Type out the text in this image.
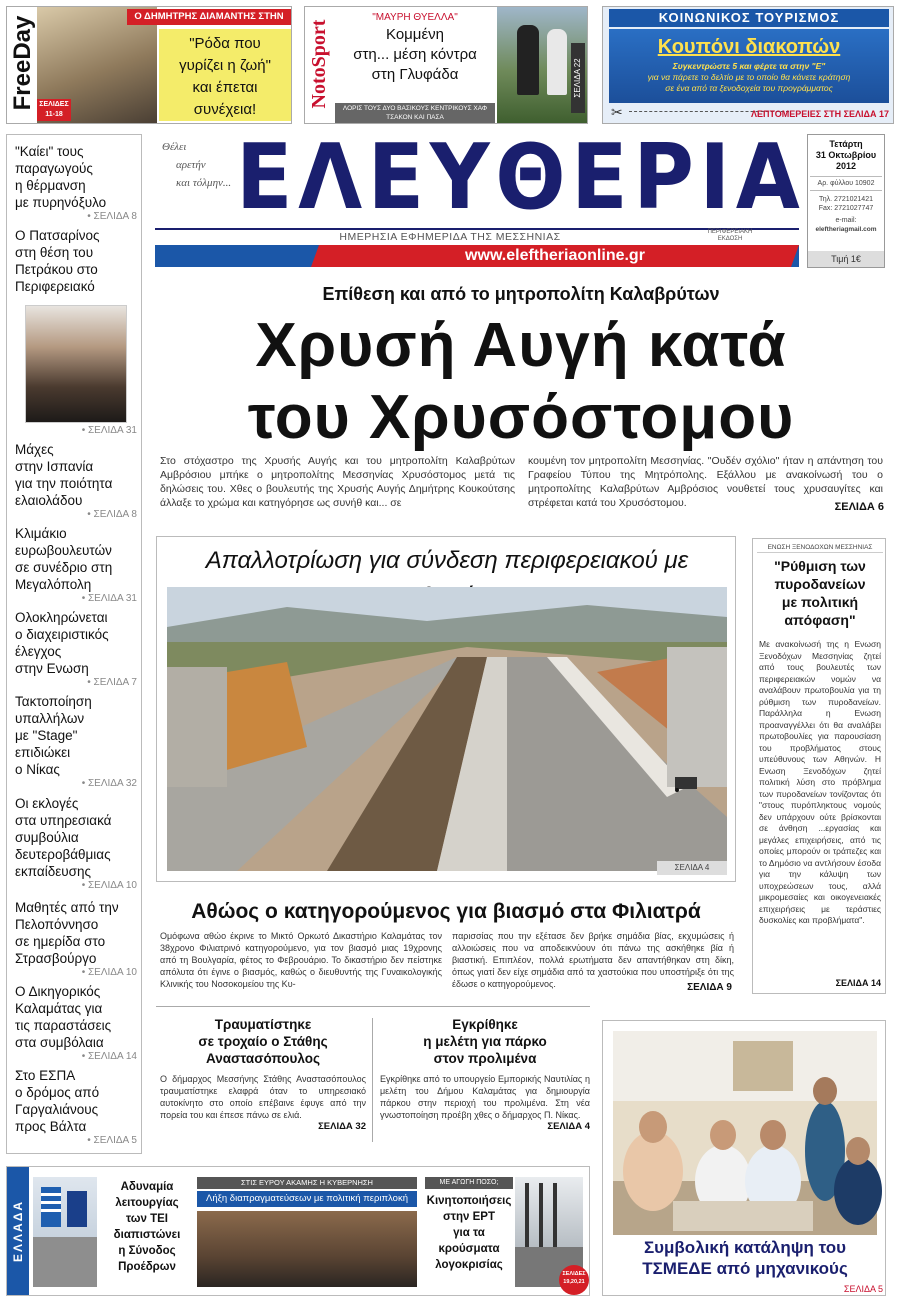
FreeDay ΣΕΛΙΔΕΣ 11-18
Ο ΔΗΜΗΤΡΗΣ ΔΙΑΜΑΝΤΗΣ ΣΤΗΝ
"Ρόδα που
γυρίζει η ζωή"
και έπεται
συνέχεια!
NotoSport
"ΜΑΥΡΗ ΘΥΕΛΛΑ"
Κομμένη
στη... μέση κόντρα
στη Γλυφάδα
ΛΟΡΙΣ ΤΟΥΣ ΔΥΟ ΒΑΣΙΚΟΥΣ ΚΕΝΤΡΙΚΟΥΣ ΧΑΦ ΤΣΑΚΟΝ ΚΑΙ ΠΑΣΑ
ΣΕΛΙΔΑ 22
ΚΟΙΝΩΝΙΚΟΣ ΤΟΥΡΙΣΜΟΣ
Κουπόνι διακοπών
Συγκεντρώστε 5 και φέρτε τα στην "Ε"
για να πάρετε το δελτίο με το οποίο θα κάνετε κράτηση
σε ένα από τα ξενοδοχεία του προγράμματος
✂	ΛΕΠΤΟΜΕΡΕΙΕΣ ΣΤΗ ΣΕΛΙΔΑ 17
Θέλει
αρετήν
και τόλμην... ΕΛΕΥΘΕΡΙΑ
ΗΜΕΡΗΣΙΑ ΕΦΗΜΕΡΙΔΑ ΤΗΣ ΜΕΣΣΗΝΙΑΣ	ΠΕΡΙΦΕΡΕΙΑΚΗ ΕΚΔΟΣΗ
www.eleftheriaonline.gr
Τετάρτη
31 Οκτωβρίου
2012
Αρ. φύλλου 10902
Τηλ. 2721021421
Fax: 2721027747
e-mail:
eleftheriagmail.com
Τιμή 1€
"Καίει" τους
παραγωγούς
η θέρμανση
με πυρηνόξυλο
• ΣΕΛΙΔΑ 8
Ο Πατσαρίνος
στη θέση του
Πετράκου στο
Περιφερειακό
• ΣΕΛΙΔΑ 31
Μάχες
στην Ισπανία
για την ποιότητα
ελαιολάδου
• ΣΕΛΙΔΑ 8
Κλιμάκιο
ευρωβουλευτών
σε συνέδριο στη
Μεγαλόπολη
• ΣΕΛΙΔΑ 31
Ολοκληρώνεται
ο διαχειριστικός
έλεγχος
στην Ενωση
• ΣΕΛΙΔΑ 7
Τακτοποίηση
υπαλλήλων
με "Stage"
επιδιώκει
ο Νίκας
• ΣΕΛΙΔΑ 32
Οι εκλογές
στα υπηρεσιακά
συμβούλια
δευτεροβάθμιας
εκπαίδευσης
• ΣΕΛΙΔΑ 10
Μαθητές από την
Πελοπόννησο
σε ημερίδα στο
Στρασβούργο
• ΣΕΛΙΔΑ 10
Ο Δικηγορικός
Καλαμάτας για
τις παραστάσεις
στα συμβόλαια
• ΣΕΛΙΔΑ 14
Στο ΕΣΠΑ
ο δρόμος από
Γαργαλιάνους
προς Βάλτα
• ΣΕΛΙΔΑ 5
Επίθεση και από το μητροπολίτη Καλαβρύτων
Χρυσή Αυγή κατά
του Χρυσόστομου
Στο στόχαστρο της Χρυσής Αυγής και του μητροπολίτη Καλαβρύτων Αμβρόσιου μπήκε ο μητροπολίτης Μεσσηνίας Χρυσόστομος μετά τις δηλώσεις του. Χθες ο βουλευτής της Χρυσής Αυγής Δημήτρης Κουκούτσης άλλαξε το χρώμα και κατηγόρησε ως συνήθ και... σε
κουμένη τον μητροπολίτη Μεσσηνίας. "Ουδέν σχόλιο" ήταν η απάντηση του Γραφείου Τύπου της Μητρόπολης. Εξάλλου με ανακοίνωσή του ο μητροπολίτης Καλαβρύτων Αμβρόσιος νουθετεί τους χρυσαυγίτες και στρέφεται κατά του Χρυσόστομου.	ΣΕΛΙΔΑ 6
Απαλλοτρίωση για σύνδεση περιφερειακού με
ΣΕΛΙΔΑ 4
ΕΝΩΣΗ ΞΕΝΟΔΟΧΩΝ ΜΕΣΣΗΝΙΑΣ
"Ρύθμιση των
πυροδανείων
με πολιτική
απόφαση"
Με ανακοίνωσή της η Ενωση Ξενοδόχων Μεσσηνίας ζητεί από τους βουλευτές των περιφερειακών νομών να αναλάβουν πρωτοβουλία για τη ρύθμιση των πυροδανείων. Παράλληλα η Ενωση προαναγγέλλει ότι θα αναλάβει πρωτοβουλίες για παρουσίαση του προβλήματος στους υπεύθυνους των Αθηνών. Η Ενωση Ξενοδόχων ζητεί πολιτική λύση στο πρόβλημα των πυροδανείων τονίζοντας ότι "στους πυρόπληκτους νομούς δεν υπάρχουν ούτε βρίσκονται σε άνθηση ...εργασίας και μεγάλες επιχειρήσεις, από τις οποίες μπορούν οι τράπεζες και το Δημόσιο να αντλήσουν έσοδα για την κάλυψη των υποχρεώσεων τους, αλλά μικρομεσαίες και οικογενειακές επιχειρήσεις με τεράστιες δυσκολίες και προβλήματα".
ΣΕΛΙΔΑ 14
Αθώος ο κατηγορούμενος για βιασμό στα Φιλιατρά
Ομόφωνα αθώο έκρινε το Μικτό Ορκωτό Δικαστήριο Καλαμάτας τον 38χρονο Φιλιατρινό κατηγορούμενο, για τον βιασμό μιας 19χρονης από τη Βουλγαρία, φέτος το Φεβρουάριο. Το δικαστήριο δεν πείστηκε απόλυτα ότι έγινε ο βιασμός, καθώς ο διευθυντής της Γυναικολογικής Κλινικής του Νοσοκομείου της Κυ-
παρισσίας που την εξέτασε δεν βρήκε σημάδια βίας, εκχυμώσεις ή αλλοιώσεις που να αποδεικνύουν ότι πάνω της ασκήθηκε βία ή βιαστική. Επιπλέον, πολλά ερωτήματα δεν απαντήθηκαν στη δίκη, όπως γιατί δεν είχε σημάδια από τα χαστούκια που υποστήριξε ότι της έδωσε ο κατηγορούμενος.	ΣΕΛΙΔΑ 9
Τραυματίστηκε
σε τροχαίο ο Στάθης
Αναστασόπουλος
Ο δήμαρχος Μεσσήνης Στάθης Αναστασόπουλος τραυματίστηκε ελαφρά όταν το υπηρεσιακό αυτοκίνητο στο οποίο επέβαινε έφυγε από την πορεία του και έπεσε πάνω σε ελιά.
ΣΕΛΙΔΑ 32
Εγκρίθηκε
η μελέτη για πάρκο
στον προλιμένα
Εγκρίθηκε από το υπουργείο Εμπορικής Ναυτιλίας η μελέτη του Δήμου Καλαμάτας για δημιουργία πάρκου στην περιοχή του προλιμένα. Στη νέα γνωστοποίηση προέβη χθες ο δήμαρχος Π. Νίκας.
ΣΕΛΙΔΑ 4
Συμβολική κατάληψη του
ΤΣΜΕΔΕ από μηχανικούς
ΣΕΛΙΔΑ 5
ΕΛΛΑΔΑ
Αδυναμία
λειτουργίας
των ΤΕΙ
διαπιστώνει
η Σύνοδος
Προέδρων
ΣΤΙΣ ΕΥΡΟΥ ΑΚΑΜΗΣ Η ΚΥΒΕΡΝΗΣΗ
Λήξη διαπραγματεύσεων με πολιτική περιπλοκή
ΜΕ ΑΓΩΓΗ ΠΟΣΟ;
Κινητοποιήσεις
στην ΕΡΤ
για τα
κρούσματα
λογοκρισίας
ΣΕΛΙΔΕΣ 19,20,21
